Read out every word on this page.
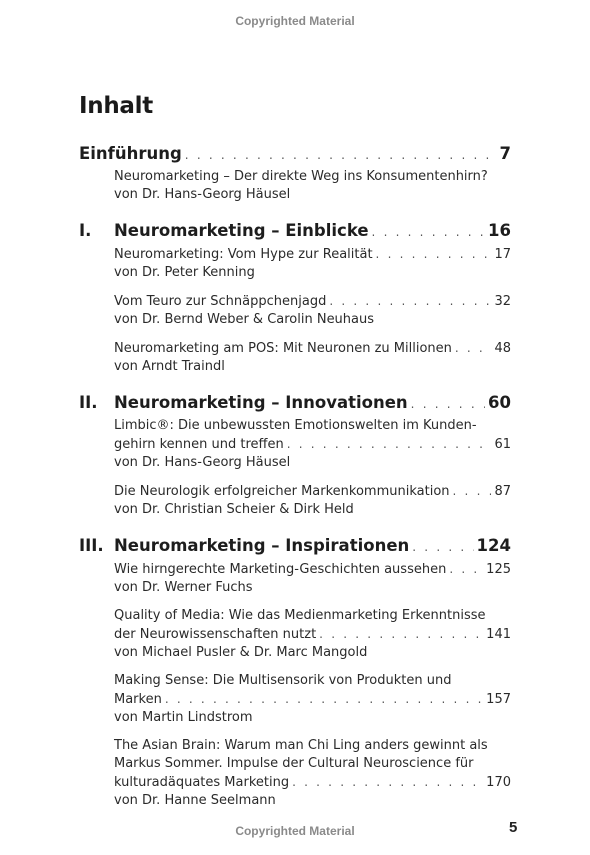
Copyrighted Material
Inhalt
Einführung . . .	7
Neuromarketing – Der direkte Weg ins Konsumentenhirn?
von Dr. Hans-Georg Häusel
I. Neuromarketing – Einblicke . . .	16
Neuromarketing: Vom Hype zur Realität . . .	17
von Dr. Peter Kenning
Vom Teuro zur Schnäppchenjagd . . .	32
von Dr. Bernd Weber & Carolin Neuhaus
Neuromarketing am POS: Mit Neuronen zu Millionen . . .	48
von Arndt Traindl
II. Neuromarketing – Innovationen . . .	60
Limbic®: Die unbewussten Emotionswelten im Kunden-
gehirn kennen und treffen . . .	61
von Dr. Hans-Georg Häusel
Die Neurologik erfolgreicher Markenkommunikation . . .	87
von Dr. Christian Scheier & Dirk Held
III. Neuromarketing – Inspirationen . . .	124
Wie hirngerechte Marketing-Geschichten aussehen . . .	125
von Dr. Werner Fuchs
Quality of Media: Wie das Medienmarketing Erkenntnisse
der Neurowissenschaften nutzt . . .	141
von Michael Pusler & Dr. Marc Mangold
Making Sense: Die Multisensorik von Produkten und
Marken . . .	157
von Martin Lindstrom
The Asian Brain: Warum man Chi Ling anders gewinnt als
Markus Sommer. Impulse der Cultural Neuroscience für
kulturadäquates Marketing . . .	170
von Dr. Hanne Seelmann
Copyrighted Material	5
